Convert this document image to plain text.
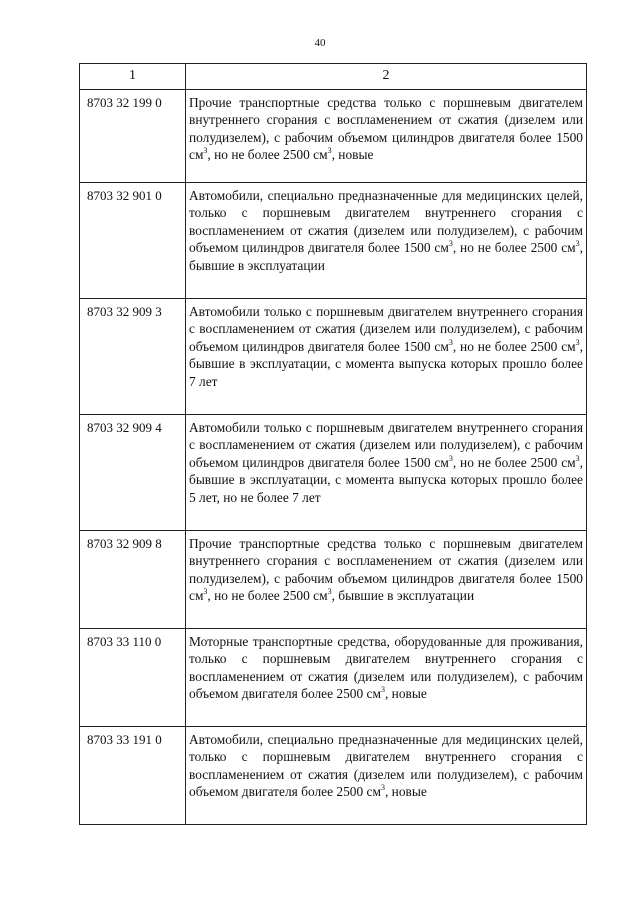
40
1	2
8703 32 199 0	Прочие транспортные средства только с поршневым двигателем внутреннего сгорания с воспламенением от сжатия (дизелем или полудизелем), с рабочим объемом цилиндров двигателя более 1500 $см^3$, но не более 2500 $см^3$, новые
8703 32 901 0	Автомобили, специально предназначенные для медицинских целей, только с поршневым двигателем внутреннего сгорания с воспламенением от сжатия (дизелем или полудизелем), с рабочим объемом цилиндров двигателя более 1500 $см^3$, но не более 2500 $см^3$, бывшие в эксплуатации
8703 32 909 3	Автомобили только с поршневым двигателем внутреннего сгорания с воспламенением от сжатия (дизелем или полудизелем), с рабочим объемом цилиндров двигателя более 1500 $см^3$, но не более 2500 $см^3$, бывшие в эксплуатации, с момента выпуска которых прошло более 7 лет
8703 32 909 4	Автомобили только с поршневым двигателем внутреннего сгорания с воспламенением от сжатия (дизелем или полудизелем), с рабочим объемом цилиндров двигателя более 1500 $см^3$, но не более 2500 $см^3$, бывшие в эксплуатации, с момента выпуска которых прошло более 5 лет, но не более 7 лет
8703 32 909 8	Прочие транспортные средства только с поршневым двигателем внутреннего сгорания с воспламенением от сжатия (дизелем или полудизелем), с рабочим объемом цилиндров двигателя более 1500 $см^3$, но не более 2500 $см^3$, бывшие в эксплуатации
8703 33 110 0	Моторные транспортные средства, оборудованные для проживания, только с поршневым двигателем внутреннего сгорания с воспламенением от сжатия (дизелем или полудизелем), с рабочим объемом двигателя более 2500 $см^3$, новые
8703 33 191 0	Автомобили, специально предназначенные для медицинских целей, только с поршневым двигателем внутреннего сгорания с воспламенением от сжатия (дизелем или полудизелем), с рабочим объемом двигателя более 2500 $см^3$, новые
